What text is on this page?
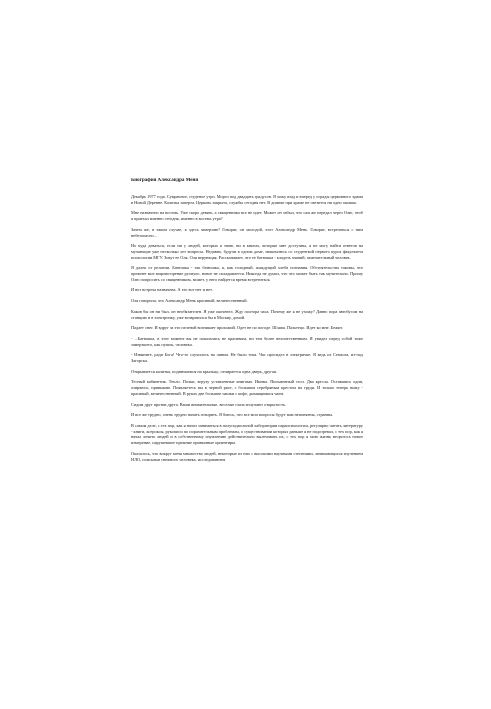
Биография Александра Меня

Декабрь 1977 года. Сумрачное, студеное утро. Мороз под двадцать градусов. Я хожу взад и вперед у ограды церковного храма в Новой Деревне. Калитка заперта. Церковь закрыта, службы сегодня нет. В домике при храме не светится ни одно окошко.

Мне назначено на восемь. Уже скоро девять, а священника все не идет. Может он забыл, что сам же передал через Олю, чтоб я приехал именно сегодня, именно в восемь утра?

Зачем же, в таком случае, я здесь замерзаю? Говорят, он молодой, этот Александр Мень. Говорят, встречаться с ним небезопасно...

Но куда деваться, если ни у людей, которых я знаю, ни в книгах, которые мне доступны, я не могу найти ответов на мучающие уже несколько лет вопросы. Недавно, будучи в одном доме, знакомлюсь со студенткой первого курса факультета психологии МГУ. Зовут ее Оля. Оля верующая. Рассказывает, что ее батюшка - кладезь знаний, замечательный человек.

Я далек от религии. Батюшка - так батюшка, я, как голодный, жаждущий хлеба познания. Обстоятельства таковы, что прежнее мое мировоззрение рухнуло, новое не складывается. Никогда не думал, что что может быть так мучительно. Прошу Олю попросить со священником, может, у него найдется время встретиться.

И вот встреча назначена. А его все нет и нет.

Оля говорила, что Александр Мень красивый, величественный.

Каков бы он ни был, он необязателен. Я уже окоченел. Жду полтора часа. Почему же я не ухожу? Давно пора автобусом на станцию и в электричку, уже возвратился бы в Москву, домой.

Падает снег. И вдруг за это пеленой возникает прохожий. Одет не по погоде. Шляпа. Пальтецо. Идет ко мне. Бежит.

- ...Батюшка, в этот момент вы не показались не красивым, ни тем более величественным. Я увидел перед собой тоже замерзшего, как пушок, человека.

- Извините, ради Бога! Что-то случилось на линии. Не было тока. Час просидел в электричке. Я ведь из Семхоза, из-под Загорска.

Открывается калитка, поднимаемся на крыльцо, отпирается одна дверь, другая.

Тесный кабинетик. Тепло. Полки, вгрузу уставленные книгами. Иконы. Письменный стол. Два кресла. Оставшись один, озираюсь, привыкаю. Появляетесь вы в черной рясе, с большим серебряным крестом на груди. И только теперь вижу - красивый, величественный. В руках две большие чашки с кофе, дымящимися чаем.

Сидим друг против друга. Ваши внимательные, веселые глаза излучают открытость.

И все же трудно, очень трудно начать говорить. Я боюсь, что все мои вопросы будут вам непонятны, странны.

В самом деле, с тех пор, как я начал заниматься в полуподпольной лаборатории парапсихологии, регулярно читать литературу - книги, ксероксы, рукописи по поразительным проблемам, о существовании которых раньше я не подозревал, с тех пор, как я начал лечить людей и в собственному изумлению действительно вылечивать их, с тех пор я мою жизнь вторглось новое измерение, парушевшее прежние привычные ориентиры.

Оказалось, что вокруг меня множество людей, некоторые из них с высокими научными степенями, занимающихся изучением НЛО, поисками снежного человека, исследованием
